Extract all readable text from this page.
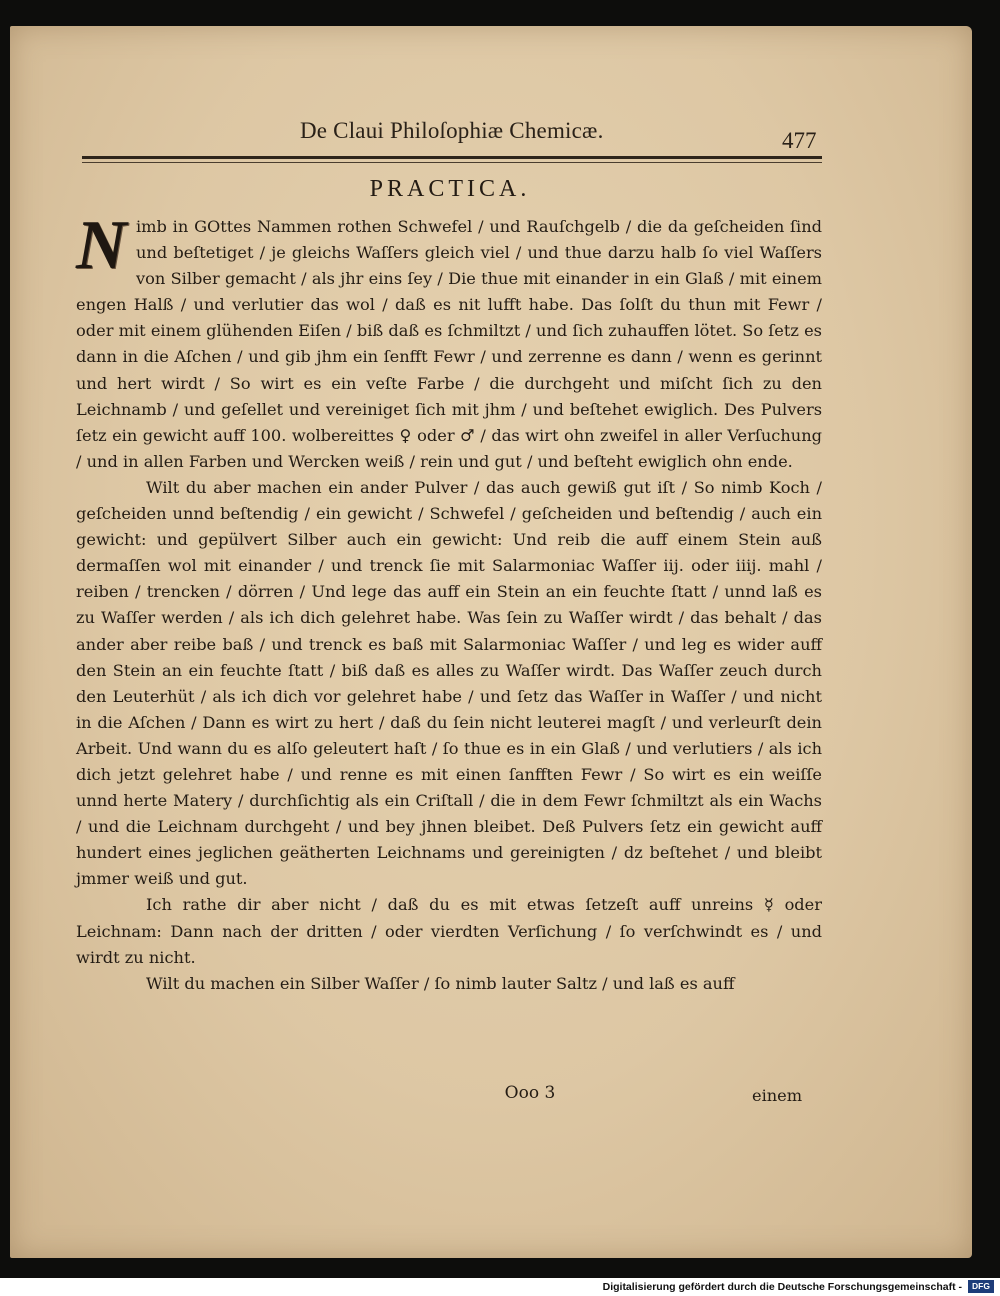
De Claui Philoſophiæ Chemicæ.	477
PRACTICA.

N imb in GOttes Nammen rothen Schwefel / und Rauſchgelb / die da geſcheiden ſind und beſtetiget / je gleichs Waſſers gleich viel / und thue darzu halb ſo viel Waſſers von Silber gemacht / als jhr eins ſey / Die thue mit einander in ein Glaß / mit einem engen Halß / und verlutier das wol / daß es nit lufft habe. Das ſolſt du thun mit Fewr / oder mit einem glühenden Eiſen / biß daß es ſchmiltzt / und ſich zuhauffen lötet. So ſetz es dann in die Aſchen / und gib jhm ein ſenfft Fewr / und zerrenne es dann / wenn es gerinnt und hert wirdt / So wirt es ein veſte Farbe / die durchgeht und miſcht ſich zu den Leichnamb / und geſellet und vereiniget ſich mit jhm / und beſtehet ewiglich. Des Pulvers ſetz ein gewicht auff 100. wolbereittes ♀ oder ♂ / das wirt ohn zweifel in aller Verſuchung / und in allen Farben und Wercken weiß / rein und gut / und beſteht ewiglich ohn ende.

Wilt du aber machen ein ander Pulver / das auch gewiß gut iſt / So nimb Koch / geſcheiden unnd beſtendig / ein gewicht / Schwefel / geſcheiden und beſtendig / auch ein gewicht: und gepülvert Silber auch ein gewicht: Und reib die auff einem Stein auß dermaſſen wol mit einander / und trenck ſie mit Salarmoniac Waſſer iij. oder iiij. mahl / reiben / trencken / dörren / Und lege das auff ein Stein an ein feuchte ſtatt / unnd laß es zu Waſſer werden / als ich dich gelehret habe. Was ſein zu Waſſer wirdt / das behalt / das ander aber reibe baß / und trenck es baß mit Salarmoniac Waſſer / und leg es wider auff den Stein an ein feuchte ſtatt / biß daß es alles zu Waſſer wirdt. Das Waſſer zeuch durch den Leuterhüt / als ich dich vor gelehret habe / und ſetz das Waſſer in Waſſer / und nicht in die Aſchen / Dann es wirt zu hert / daß du ſein nicht leuterei magſt / und verleurſt dein Arbeit. Und wann du es alſo geleutert haſt / ſo thue es in ein Glaß / und verlutiers / als ich dich jetzt gelehret habe / und renne es mit einen ſanfften Fewr / So wirt es ein weiſſe unnd herte Matery / durchſichtig als ein Criſtall / die in dem Fewr ſchmiltzt als ein Wachs / und die Leichnam durchgeht / und bey jhnen bleibet. Deß Pulvers ſetz ein gewicht auff hundert eines jeglichen geätherten Leichnams und gereinigten / dz beſtehet / und bleibt jmmer weiß und gut.

Ich rathe dir aber nicht / daß du es mit etwas ſetzeſt auff unreins ☿ oder Leichnam: Dann nach der dritten / oder vierdten Verſichung / ſo verſchwindt es / und wirdt zu nicht.

Wilt du machen ein Silber Waſſer / ſo nimb lauter Saltz / und laß es auff

Ooo 3	einem
Digitalisierung gefördert durch die Deutsche Forschungsgemeinschaft -	DFG
